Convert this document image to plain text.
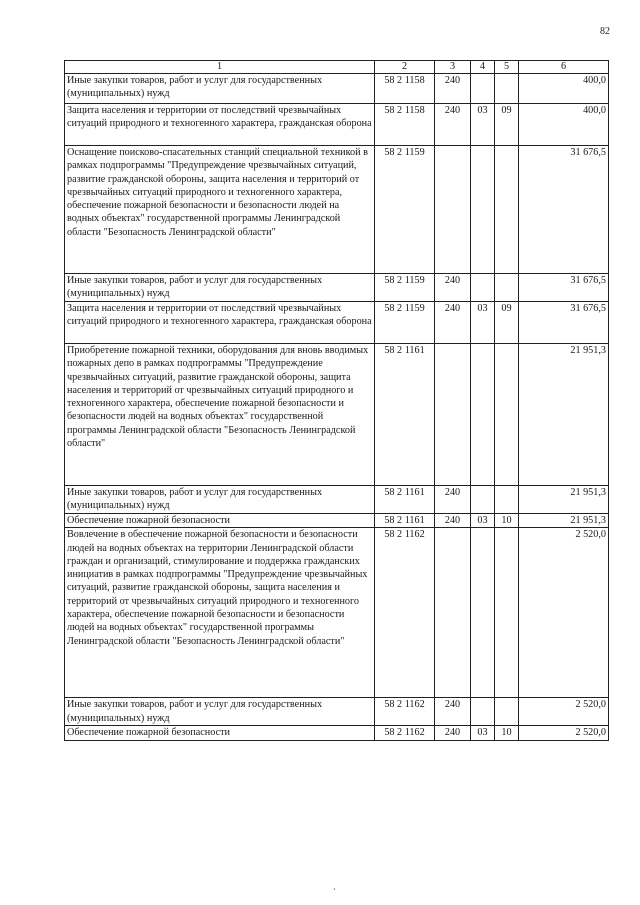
82
1	2	3	4	5	6
Иные закупки товаров, работ и услуг для государственных (муниципальных) нужд	58 2 1158	240			400,0
Защита населения и территории от последствий чрезвычайных ситуаций природного и техногенного характера, гражданская оборона	58 2 1158	240	03	09	400,0
Оснащение поисково-спасательных станций специальной техникой в рамках подпрограммы "Предупреждение чрезвычайных ситуаций, развитие гражданской обороны, защита населения и территорий от чрезвычайных ситуаций природного и техногенного характера, обеспечение пожарной безопасности и безопасности людей на водных объектах" государственной программы Ленинградской области "Безопасность Ленинградской области"	58 2 1159				31 676,5
Иные закупки товаров, работ и услуг для государственных (муниципальных) нужд	58 2 1159	240			31 676,5
Защита населения и территории от последствий чрезвычайных ситуаций природного и техногенного характера, гражданская оборона	58 2 1159	240	03	09	31 676,5
Приобретение пожарной техники, оборудования для вновь вводимых пожарных депо в рамках подпрограммы "Предупреждение чрезвычайных ситуаций, развитие гражданской обороны, защита населения и территорий от чрезвычайных ситуаций природного и техногенного характера, обеспечение пожарной безопасности и безопасности людей на водных объектах" государственной программы Ленинградской области "Безопасность Ленинградской области"	58 2 1161				21 951,3
Иные закупки товаров, работ и услуг для государственных (муниципальных) нужд	58 2 1161	240			21 951,3
Обеспечение пожарной безопасности	58 2 1161	240	03	10	21 951,3
Вовлечение в обеспечение пожарной безопасности и безопасности людей на водных объектах на территории Ленинградской области граждан и организаций, стимулирование и поддержка гражданских инициатив в рамках подпрограммы "Предупреждение чрезвычайных ситуаций, развитие гражданской обороны, защита населения и территорий от чрезвычайных ситуаций природного и техногенного характера, обеспечение пожарной безопасности и безопасности людей на водных объектах" государственной программы Ленинградской области "Безопасность Ленинградской области"	58 2 1162				2 520,0
Иные закупки товаров, работ и услуг для государственных (муниципальных) нужд	58 2 1162	240			2 520,0
Обеспечение пожарной безопасности	58 2 1162	240	03	10	2 520,0
ˎ
